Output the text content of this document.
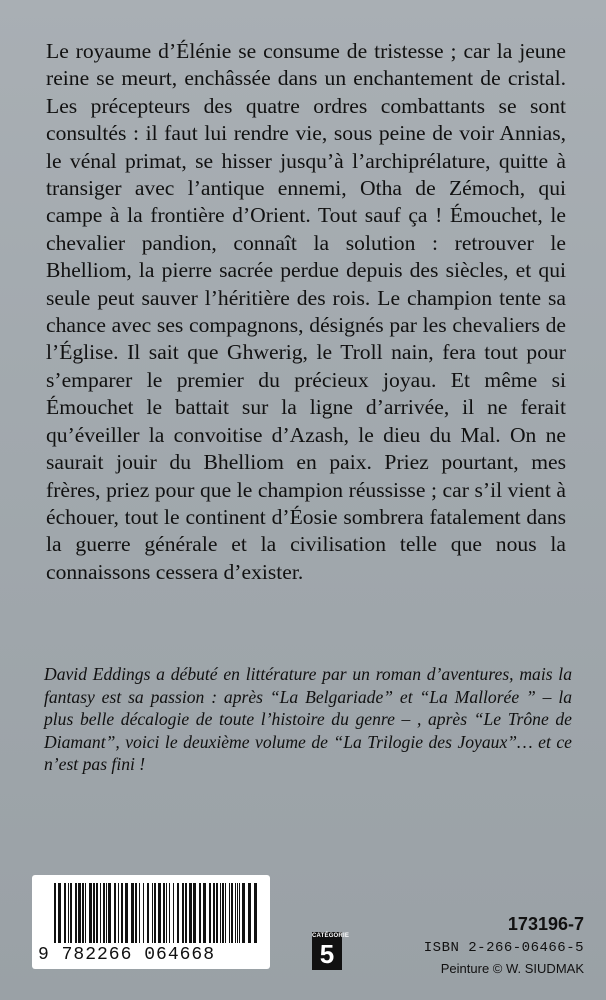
Le royaume d’Élénie se consume de tristesse ; car la jeune reine se meurt, enchâssée dans un enchantement de cristal. Les précepteurs des quatre ordres combattants se sont consultés : il faut lui rendre vie, sous peine de voir Annias, le vénal primat, se hisser jusqu’à l’archiprélature, quitte à transiger avec l’antique ennemi, Otha de Zémoch, qui campe à la frontière d’Orient. Tout sauf ça ! Émouchet, le chevalier pandion, connaît la solution : retrouver le Bhelliom, la pierre sacrée perdue depuis des siècles, et qui seule peut sauver l’héritière des rois. Le champion tente sa chance avec ses compagnons, désignés par les chevaliers de l’Église. Il sait que Ghwerig, le Troll nain, fera tout pour s’emparer le premier du précieux joyau. Et même si Émouchet le battait sur la ligne d’arrivée, il ne ferait qu’éveiller la convoitise d’Azash, le dieu du Mal. On ne saurait jouir du Bhelliom en paix. Priez pourtant, mes frères, priez pour que le champion réussisse ; car s’il vient à échouer, tout le continent d’Éosie sombrera fatalement dans la guerre générale et la civilisation telle que nous la connaissons cessera d’exister.

David Eddings a débuté en littérature par un roman d’aventures, mais la fantasy est sa passion : après “La Belgariade” et “La Mallorée ” – la plus belle décalogie de toute l’histoire du genre – , après “Le Trône de Diamant”, voici le deuxième volume de “La Trilogie des Joyaux”… et ce n’est pas fini !

9 782266 064668
CATÉGORIE
5
173196-7
ISBN 2-266-06466-5
Peinture © W. SIUDMAK
